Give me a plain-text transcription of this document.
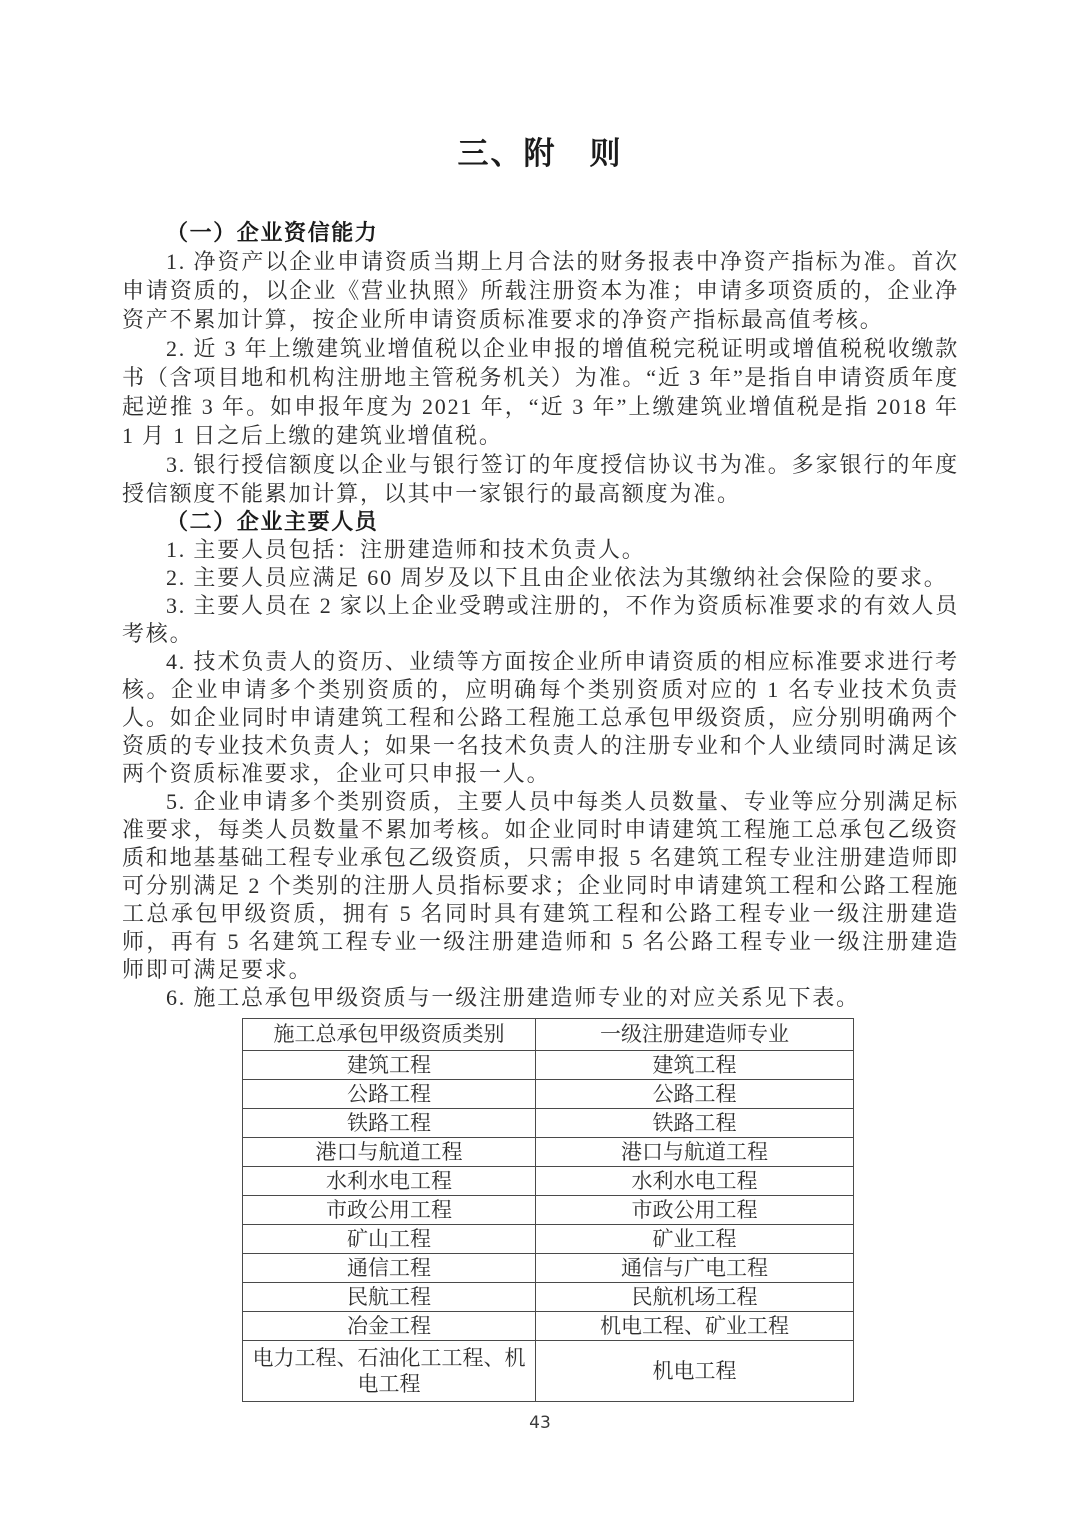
三、附　则

（一）企业资信能力

1. 净资产以企业申请资质当期上月合法的财务报表中净资产指标为准。首次申请资质的，以企业《营业执照》所载注册资本为准；申请多项资质的，企业净资产不累加计算，按企业所申请资质标准要求的净资产指标最高值考核。

2. 近 3 年上缴建筑业增值税以企业申报的增值税完税证明或增值税税收缴款书（含项目地和机构注册地主管税务机关）为准。“近 3 年”是指自申请资质年度起逆推 3 年。如申报年度为 2021 年，“近 3 年”上缴建筑业增值税是指 2018 年 1 月 1 日之后上缴的建筑业增值税。

3. 银行授信额度以企业与银行签订的年度授信协议书为准。多家银行的年度授信额度不能累加计算，以其中一家银行的最高额度为准。

（二）企业主要人员

1. 主要人员包括：注册建造师和技术负责人。

2. 主要人员应满足 60 周岁及以下且由企业依法为其缴纳社会保险的要求。

3. 主要人员在 2 家以上企业受聘或注册的，不作为资质标准要求的有效人员考核。

4. 技术负责人的资历、业绩等方面按企业所申请资质的相应标准要求进行考核。企业申请多个类别资质的，应明确每个类别资质对应的 1 名专业技术负责人。如企业同时申请建筑工程和公路工程施工总承包甲级资质，应分别明确两个资质的专业技术负责人；如果一名技术负责人的注册专业和个人业绩同时满足该两个资质标准要求，企业可只申报一人。

5. 企业申请多个类别资质，主要人员中每类人员数量、专业等应分别满足标准要求，每类人员数量不累加考核。如企业同时申请建筑工程施工总承包乙级资质和地基基础工程专业承包乙级资质，只需申报 5 名建筑工程专业注册建造师即可分别满足 2 个类别的注册人员指标要求；企业同时申请建筑工程和公路工程施工总承包甲级资质，拥有 5 名同时具有建筑工程和公路工程专业一级注册建造师，再有 5 名建筑工程专业一级注册建造师和 5 名公路工程专业一级注册建造师即可满足要求。

6. 施工总承包甲级资质与一级注册建造师专业的对应关系见下表。

施工总承包甲级资质类别	一级注册建造师专业
建筑工程	建筑工程
公路工程	公路工程
铁路工程	铁路工程
港口与航道工程	港口与航道工程
水利水电工程	水利水电工程
市政公用工程	市政公用工程
矿山工程	矿业工程
通信工程	通信与广电工程
民航工程	民航机场工程
冶金工程	机电工程、矿业工程
电力工程、石油化工工程、机电工程	机电工程
43
